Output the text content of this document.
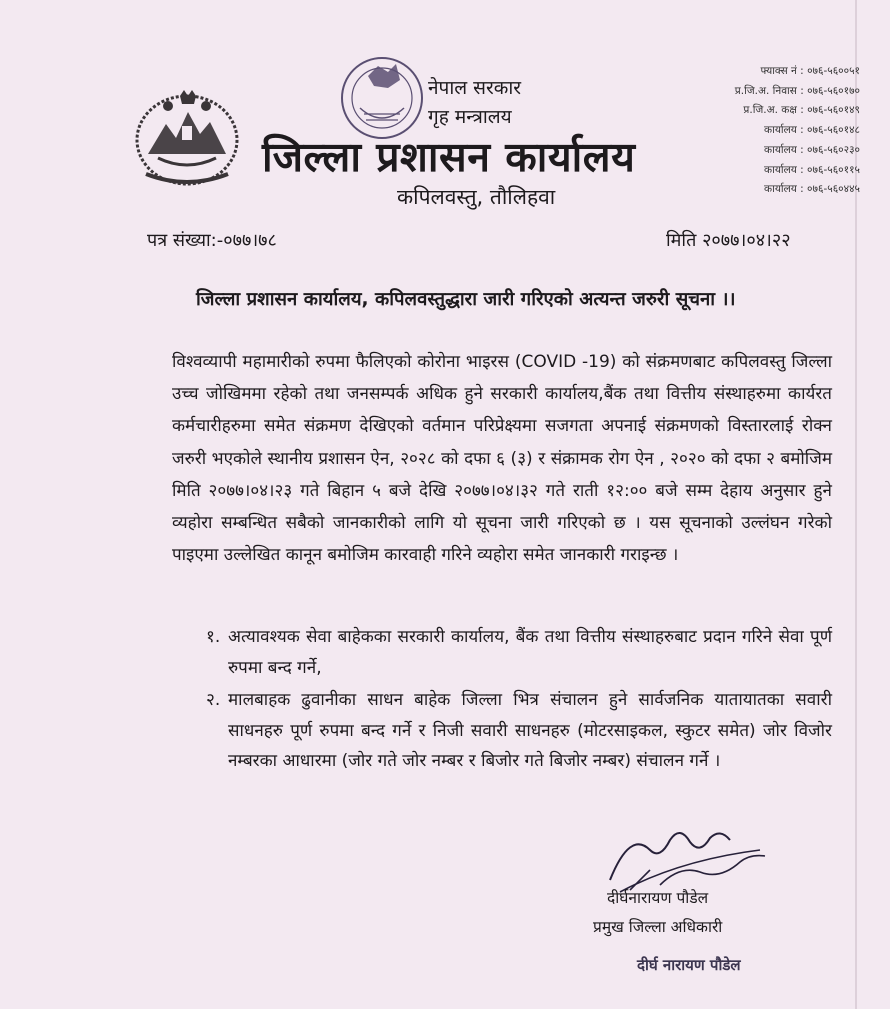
नेपाल सरकार
गृह मन्त्रालय
जिल्ला प्रशासन कार्यालय
कपिलवस्तु, तौलिहवा
फ्याक्स नं : ०७६-५६००५१
प्र.जि.अ. निवास : ०७६-५६०१७०
प्र.जि.अ. कक्ष : ०७६-५६०१४९
कार्यालय : ०७६-५६०१४८
कार्यालय : ०७६-५६०२३०
कार्यालय : ०७६-५६०११५
कार्यालय : ०७६-५६०४४५
पत्र संख्या:-०७७।७८	मिति २०७७।०४।२२
जिल्ला प्रशासन कार्यालय, कपिलवस्तुद्धारा जारी गरिएको अत्यन्त जरुरी सूचना ।।

विश्वव्यापी महामारीको रुपमा फैलिएको कोरोना भाइरस (COVID -19) को संक्रमणबाट कपिलवस्तु जिल्ला उच्च जोखिममा रहेको तथा जनसम्पर्क अधिक हुने सरकारी कार्यालय,बैंक तथा वित्तीय संस्थाहरुमा कार्यरत कर्मचारीहरुमा समेत संक्रमण देखिएको वर्तमान परिप्रेक्ष्यमा सजगता अपनाई संक्रमणको विस्तारलाई रोक्न जरुरी भएकोले स्थानीय प्रशासन ऐन, २०२८ को दफा ६ (३) र संक्रामक रोग ऐन , २०२० को दफा २ बमोजिम मिति २०७७।०४।२३ गते बिहान ५ बजे देखि २०७७।०४।३२ गते राती १२:०० बजे सम्म देहाय अनुसार हुने व्यहोरा सम्बन्धित सबैको जानकारीको लागि यो सूचना जारी गरिएको छ । यस सूचनाको उल्लंघन गरेको पाइएमा उल्लेखित कानून बमोजिम कारवाही गरिने व्यहोरा समेत जानकारी गराइन्छ ।

१. अत्यावश्यक सेवा बाहेकका सरकारी कार्यालय, बैंक तथा वित्तीय संस्थाहरुबाट प्रदान गरिने सेवा पूर्ण रुपमा बन्द गर्ने,
२. मालबाहक ढुवानीका साधन बाहेक जिल्ला भित्र संचालन हुने सार्वजनिक यातायातका सवारी साधनहरु पूर्ण रुपमा बन्द गर्ने र निजी सवारी साधनहरु (मोटरसाइकल, स्कुटर समेत) जोर विजोर नम्बरका आधारमा (जोर गते जोर नम्बर र बिजोर गते बिजोर नम्बर) संचालन गर्ने ।
दीर्घनारायण पौडेल
प्रमुख जिल्ला अधिकारी
दीर्घ नारायण पौडेल
